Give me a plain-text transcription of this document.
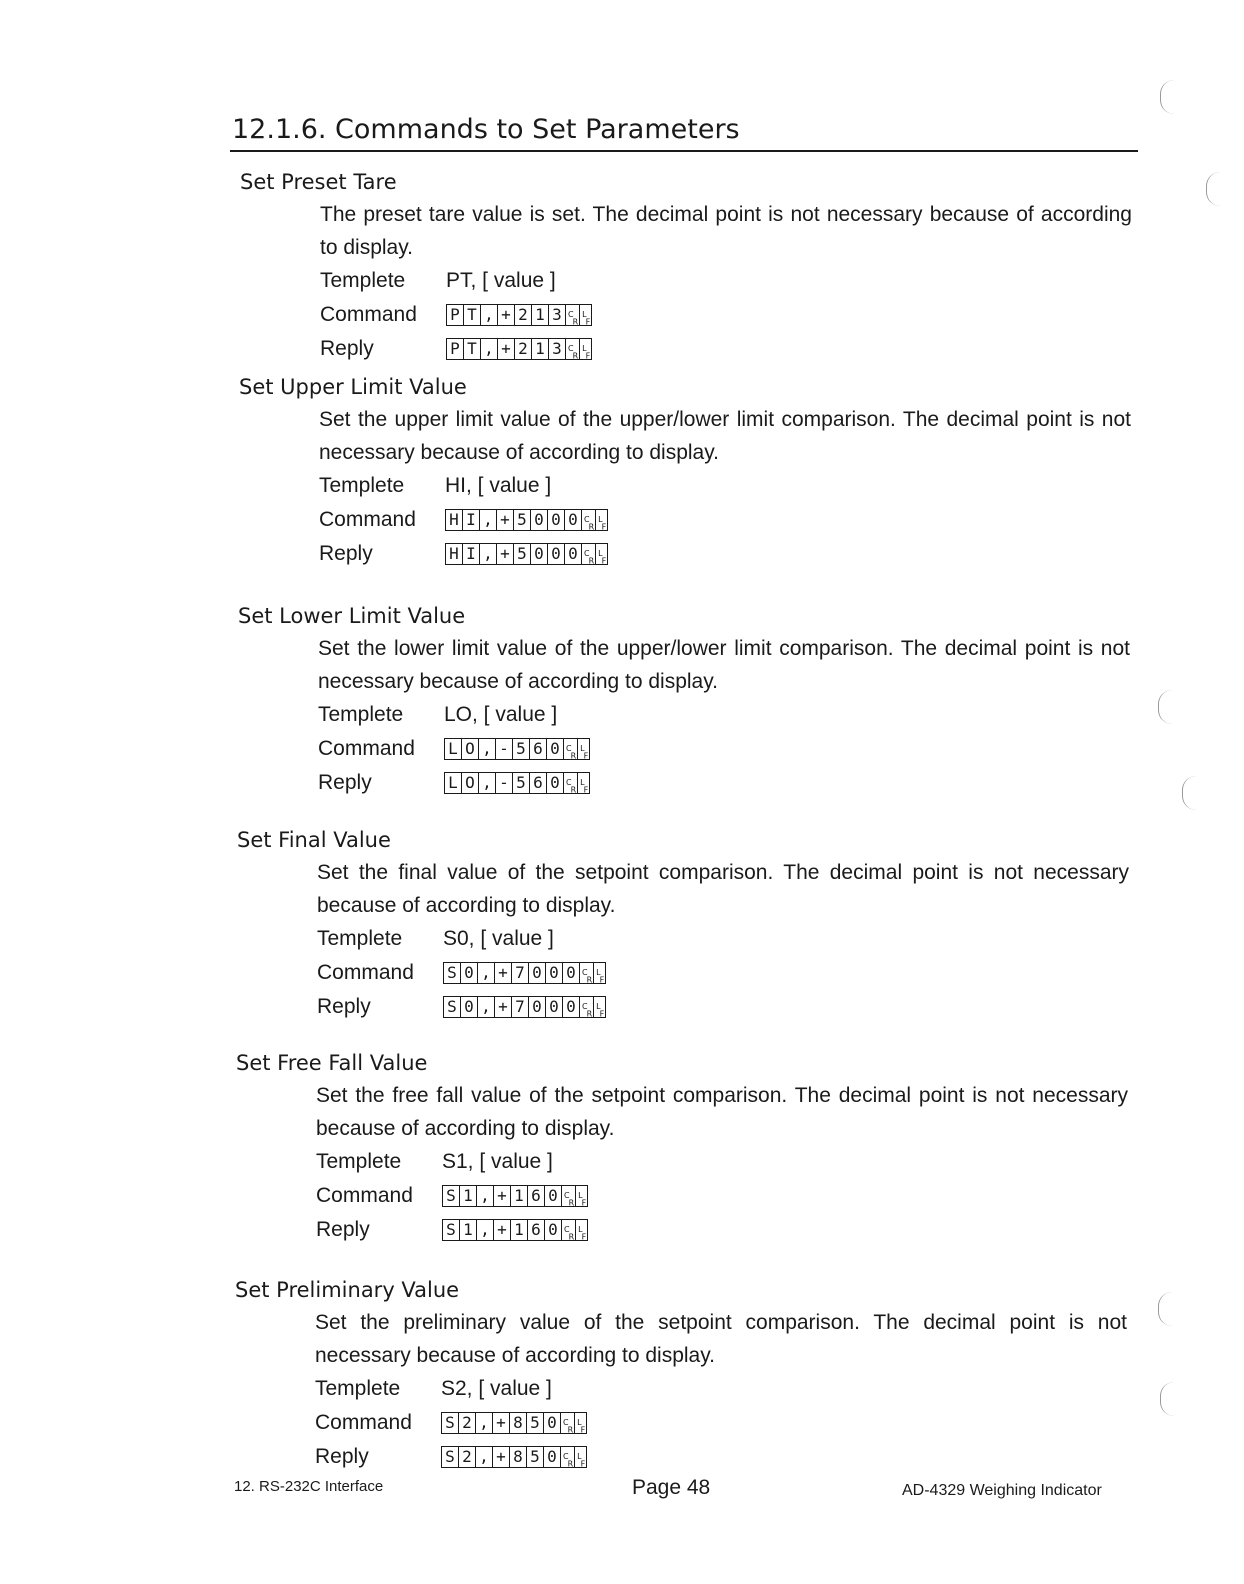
12.1.6. Commands to Set Parameters
Set Preset Tare

The preset tare value is set. The decimal point is not necessary because of according to display.

Templete	PT, [ value ]
Command	P T , + 2 1 3 $^C_R$
$^L_F$
Reply	P T , + 2 1 3 $^C_R$
$^L_F$
Set Upper Limit Value

Set the upper limit value of the upper/lower limit comparison. The decimal point is not necessary because of according to display.

Templete	HI, [ value ]
Command	H I , + 5 0 0 0 $^C_R$
$^L_F$
Reply	H I , + 5 0 0 0 $^C_R$
$^L_F$
Set Lower Limit Value

Set the lower limit value of the upper/lower limit comparison. The decimal point is not necessary because of according to display.

Templete	LO, [ value ]
Command	L O , - 5 6 0 $^C_R$
$^L_F$
Reply	L O , - 5 6 0 $^C_R$
$^L_F$
Set Final Value

Set the final value of the setpoint comparison. The decimal point is not necessary because of according to display.

Templete	S0, [ value ]
Command	S 0 , + 7 0 0 0 $^C_R$
$^L_F$
Reply	S 0 , + 7 0 0 0 $^C_R$
$^L_F$
Set Free Fall Value

Set the free fall value of the setpoint comparison. The decimal point is not necessary because of according to display.

Templete	S1, [ value ]
Command	S 1 , + 1 6 0 $^C_R$
$^L_F$
Reply	S 1 , + 1 6 0 $^C_R$
$^L_F$
Set Preliminary Value

Set the preliminary value of the setpoint comparison. The decimal point is not necessary because of according to display.

Templete	S2, [ value ]
Command	S 2 , + 8 5 0 $^C_R$
$^L_F$
Reply	S 2 , + 8 5 0 $^C_R$
$^L_F$
12. RS-232C Interface	Page 48	AD-4329 Weighing Indicator
